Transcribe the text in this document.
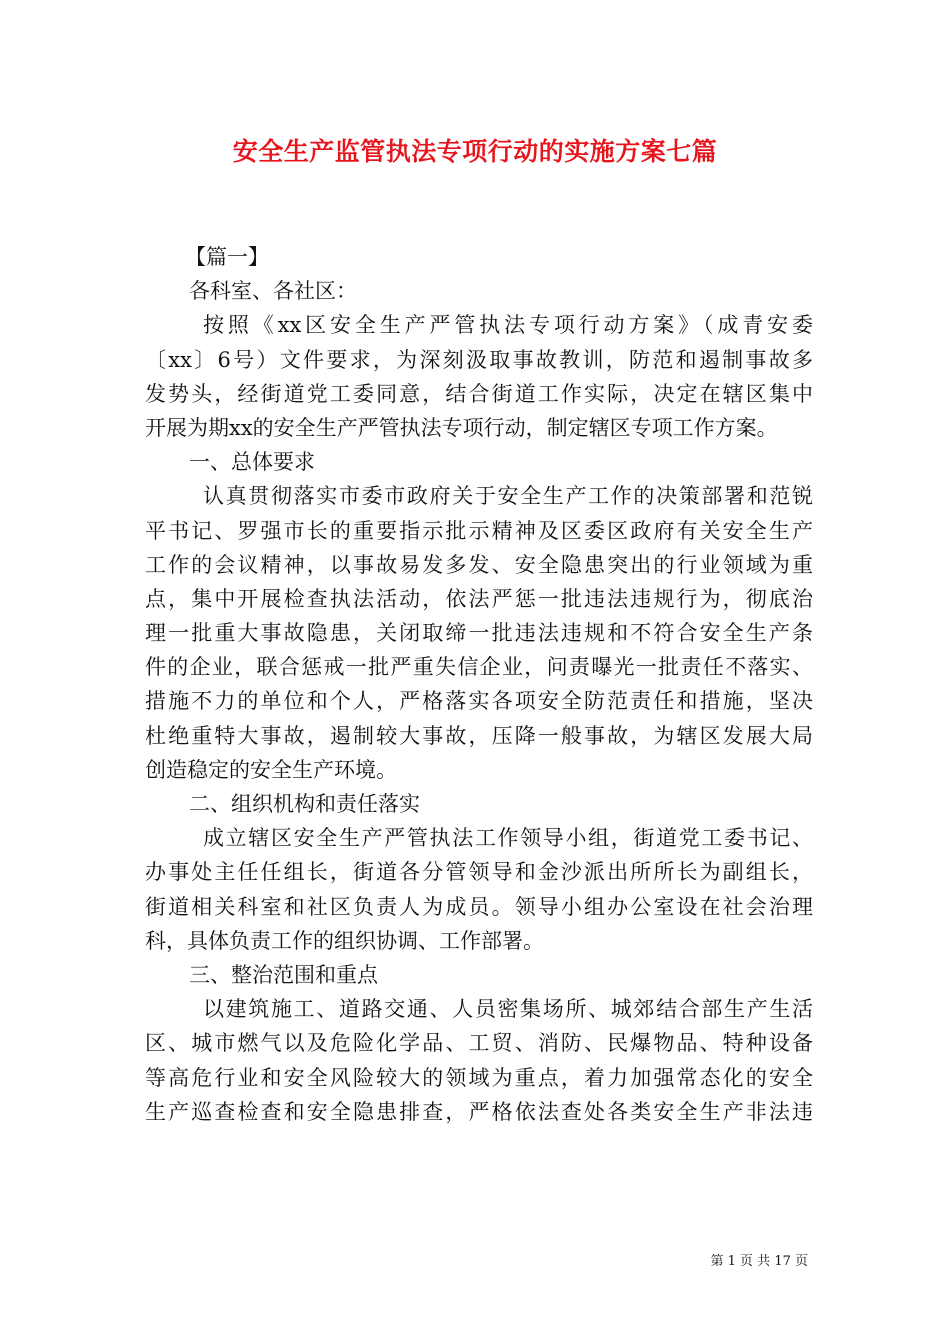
安全生产监管执法专项行动的实施方案七篇

【篇一】

各科室、各社区：

按照《xx区安全生产严管执法专项行动方案》（成青安委

〔xx〕6号）文件要求，为深刻汲取事故教训，防范和遏制事故多

发势头，经街道党工委同意，结合街道工作实际，决定在辖区集中

开展为期xx的安全生产严管执法专项行动，制定辖区专项工作方案。

一、总体要求

认真贯彻落实市委市政府关于安全生产工作的决策部署和范锐

平书记、罗强市长的重要指示批示精神及区委区政府有关安全生产

工作的会议精神，以事故易发多发、安全隐患突出的行业领域为重

点，集中开展检查执法活动，依法严惩一批违法违规行为，彻底治

理一批重大事故隐患，关闭取缔一批违法违规和不符合安全生产条

件的企业，联合惩戒一批严重失信企业，问责曝光一批责任不落实、

措施不力的单位和个人，严格落实各项安全防范责任和措施，坚决

杜绝重特大事故，遏制较大事故，压降一般事故，为辖区发展大局

创造稳定的安全生产环境。

二、组织机构和责任落实

成立辖区安全生产严管执法工作领导小组，街道党工委书记、

办事处主任任组长，街道各分管领导和金沙派出所所长为副组长，

街道相关科室和社区负责人为成员。领导小组办公室设在社会治理

科，具体负责工作的组织协调、工作部署。

三、整治范围和重点

以建筑施工、道路交通、人员密集场所、城郊结合部生产生活

区、城市燃气以及危险化学品、工贸、消防、民爆物品、特种设备

等高危行业和安全风险较大的领域为重点，着力加强常态化的安全

生产巡查检查和安全隐患排查，严格依法查处各类安全生产非法违

第 1 页 共 17 页
